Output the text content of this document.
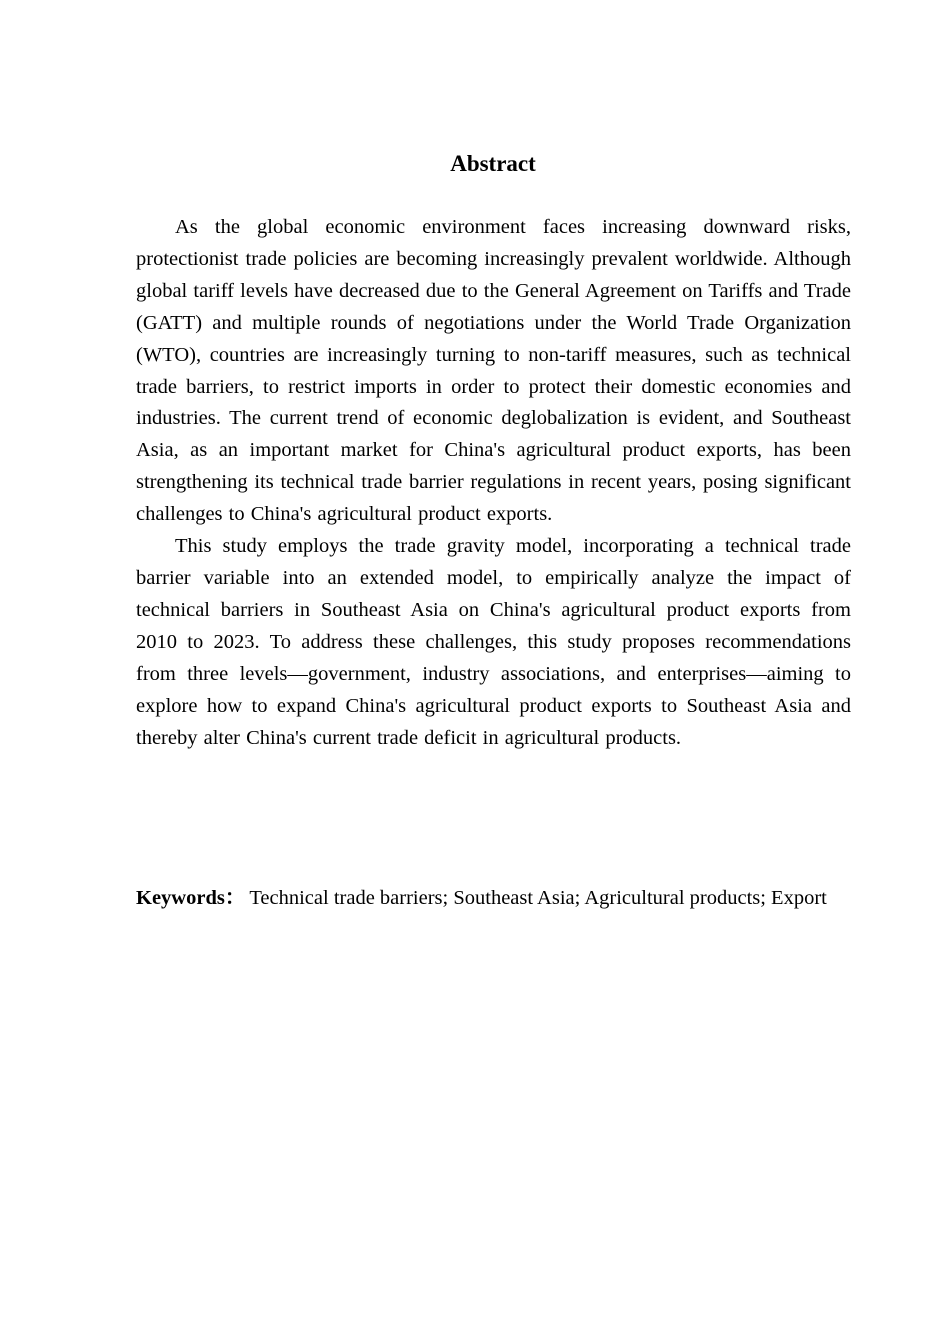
Abstract

As the global economic environment faces increasing downward risks, protectionist trade policies are becoming increasingly prevalent worldwide. Although global tariff levels have decreased due to the General Agreement on Tariffs and Trade (GATT) and multiple rounds of negotiations under the World Trade Organization (WTO), countries are increasingly turning to non-tariff measures, such as technical trade barriers, to restrict imports in order to protect their domestic economies and industries. The current trend of economic deglobalization is evident, and Southeast Asia, as an important market for China's agricultural product exports, has been strengthening its technical trade barrier regulations in recent years, posing significant challenges to China's agricultural product exports.

This study employs the trade gravity model, incorporating a technical trade barrier variable into an extended model, to empirically analyze the impact of technical barriers in Southeast Asia on China's agricultural product exports from 2010 to 2023. To address these challenges, this study proposes recommendations from three levels—government, industry associations, and enterprises—aiming to explore how to expand China's agricultural product exports to Southeast Asia and thereby alter China's current trade deficit in agricultural products.

Keywords： Technical trade barriers; Southeast Asia; Agricultural products; Export
